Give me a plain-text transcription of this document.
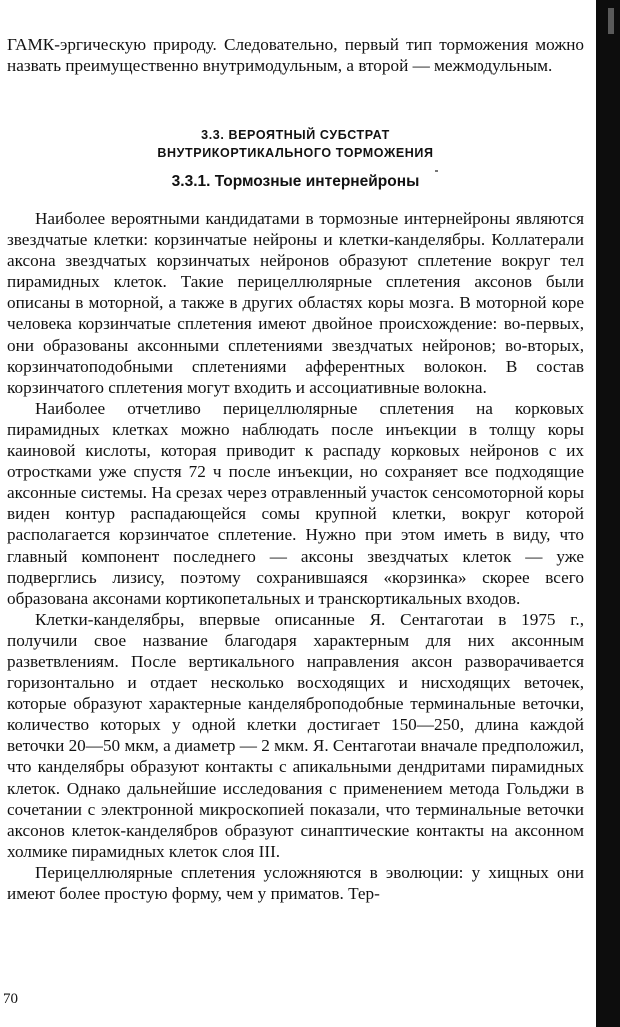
ГАМК-эргическую природу. Следовательно, первый тип торможения можно назвать преимущественно внутримодульным, а второй — межмодульным.

3.3. ВЕРОЯТНЫЙ СУБСТРАТ

ВНУТРИКОРТИКАЛЬНОГО ТОРМОЖЕНИЯ

3.3.1. Тормозные интернейроны

Наиболее вероятными кандидатами в тормозные интернейроны являются звездчатые клетки: корзинчатые нейроны и клетки-канделябры. Коллатерали аксона звездчатых корзинчатых нейронов образуют сплетение вокруг тел пирамидных клеток. Такие перицеллюлярные сплетения аксонов были описаны в моторной, а также в других областях коры мозга. В моторной коре человека корзинчатые сплетения имеют двойное происхождение: во-первых, они образованы аксонными сплетениями звездчатых нейронов; во-вторых, корзинчатоподобными сплетениями афферентных волокон. В состав корзинчатого сплетения могут входить и ассоциативные волокна.

Наиболее отчетливо перицеллюлярные сплетения на корковых пирамидных клетках можно наблюдать после инъекции в толщу коры каиновой кислоты, которая приводит к распаду корковых нейронов с их отростками уже спустя 72 ч после инъекции, но сохраняет все подходящие аксонные системы. На срезах через отравленный участок сенсомоторной коры виден контур распадающейся сомы крупной клетки, вокруг которой располагается корзинчатое сплетение. Нужно при этом иметь в виду, что главный компонент последнего — аксоны звездчатых клеток — уже подверглись лизису, поэтому сохранившаяся «корзинка» скорее всего образована аксонами кортикопетальных и транскортикальных входов.

Клетки-канделябры, впервые описанные Я. Сентаготаи в 1975 г., получили свое название благодаря характерным для них аксонным разветвлениям. После вертикального направления аксон разворачивается горизонтально и отдает несколько восходящих и нисходящих веточек, которые образуют характерные канделяброподобные терминальные веточки, количество которых у одной клетки достигает 150—250, длина каждой веточки 20—50 мкм, а диаметр — 2 мкм. Я. Сентаготаи вначале предположил, что канделябры образуют контакты с апикальными дендритами пирамидных клеток. Однако дальнейшие исследования с применением метода Гольджи в сочетании с электронной микроскопией показали, что терминальные веточки аксонов клеток-канделябров образуют синаптические контакты на аксонном холмике пирамидных клеток слоя III.

Перицеллюлярные сплетения усложняются в эволюции: у хищных они имеют более простую форму, чем у приматов. Тер-

70
